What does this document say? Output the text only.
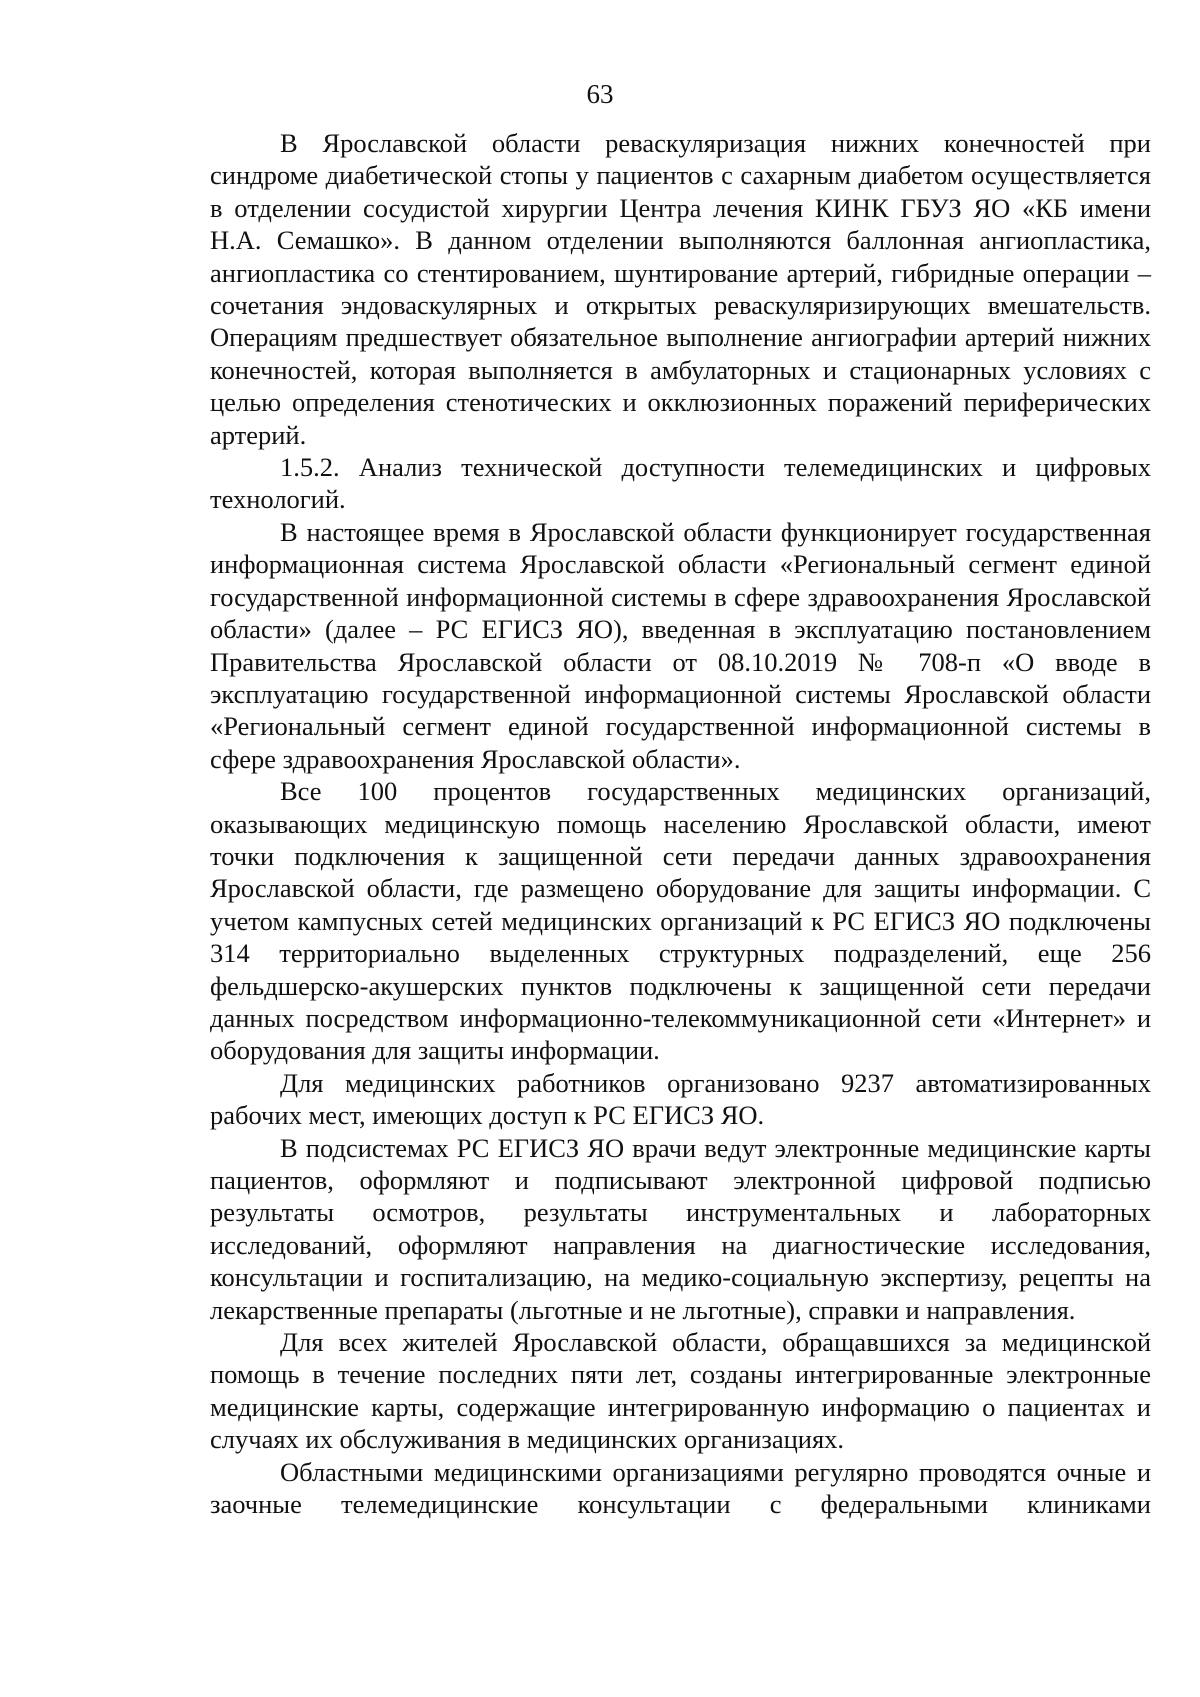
63

В Ярославской области реваскуляризация нижних конечностей при синдроме диабетической стопы у пациентов с сахарным диабетом осуществляется в отделении сосудистой хирургии Центра лечения КИНК ГБУЗ ЯО «КБ имени Н.А. Семашко». В данном отделении выполняются баллонная ангиопластика, ангиопластика со стентированием, шунтирование артерий, гибридные операции – сочетания эндоваскулярных и открытых реваскуляризирующих вмешательств. Операциям предшествует обязательное выполнение ангиографии артерий нижних конечностей, которая выполняется в амбулаторных и стационарных условиях с целью определения стенотических и окклюзионных поражений периферических артерий.

1.5.2. Анализ технической доступности телемедицинских и цифровых технологий.

В настоящее время в Ярославской области функционирует государственная информационная система Ярославской области «Региональный сегмент единой государственной информационной системы в сфере здравоохранения Ярославской области» (далее – РС ЕГИСЗ ЯО), введенная в эксплуатацию постановлением Правительства Ярославской области от 08.10.2019 № 708-п «О вводе в эксплуатацию государственной информационной системы Ярославской области «Региональный сегмент единой государственной информационной системы в сфере здравоохранения Ярославской области».

Все 100 процентов государственных медицинских организаций, оказывающих медицинскую помощь населению Ярославской области, имеют точки подключения к защищенной сети передачи данных здравоохранения Ярославской области, где размещено оборудование для защиты информации. С учетом кампусных сетей медицинских организаций к РС ЕГИСЗ ЯО подключены 314 территориально выделенных структурных подразделений, еще 256 фельдшерско-акушерских пунктов подключены к защищенной сети передачи данных посредством информационно-телекоммуникационной сети «Интернет» и оборудования для защиты информации.

Для медицинских работников организовано 9237 автоматизированных рабочих мест, имеющих доступ к РС ЕГИСЗ ЯО.

В подсистемах РС ЕГИСЗ ЯО врачи ведут электронные медицинские карты пациентов, оформляют и подписывают электронной цифровой подписью результаты осмотров, результаты инструментальных и лабораторных исследований, оформляют направления на диагностические исследования, консультации и госпитализацию, на медико-социальную экспертизу, рецепты на лекарственные препараты (льготные и не льготные), справки и направления.

Для всех жителей Ярославской области, обращавшихся за медицинской помощь в течение последних пяти лет, созданы интегрированные электронные медицинские карты, содержащие интегрированную информацию о пациентах и случаях их обслуживания в медицинских организациях.

Областными медицинскими организациями регулярно проводятся очные и заочные телемедицинские консультации с федеральными клиниками
